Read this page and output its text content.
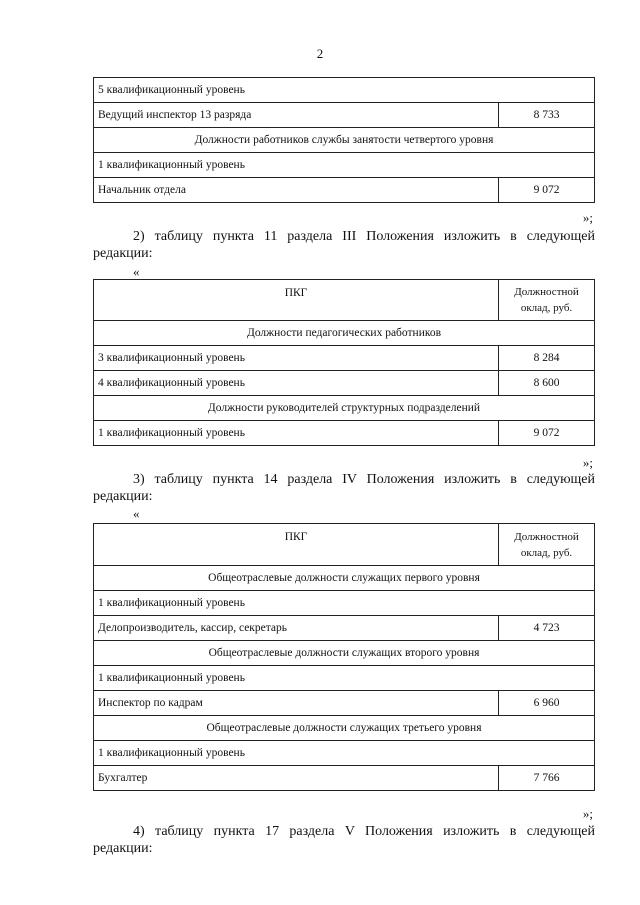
2
5 квалификационный уровень	
Ведущий инспектор 13 разряда	8 733
Должности работников службы занятости четвертого уровня	
1 квалификационный уровень	
Начальник отдела	9 072
»;
2) таблицу пункта 11 раздела III Положения изложить в следующей редакции:
«
ПКГ	Должностной оклад, руб.
Должности педагогических работников	
3 квалификационный уровень	8 284
4 квалификационный уровень	8 600
Должности руководителей структурных подразделений	
1 квалификационный уровень	9 072
»;
3) таблицу пункта 14 раздела IV Положения изложить в следующей редакции:
«
ПКГ	Должностной оклад, руб.
Общеотраслевые должности служащих первого уровня	
1 квалификационный уровень	
Делопроизводитель, кассир, секретарь	4 723
Общеотраслевые должности служащих второго уровня	
1 квалификационный уровень	
Инспектор по кадрам	6 960
Общеотраслевые должности служащих третьего уровня	
1 квалификационный уровень	
Бухгалтер	7 766
»;
4) таблицу пункта 17 раздела V Положения изложить в следующей редакции:
